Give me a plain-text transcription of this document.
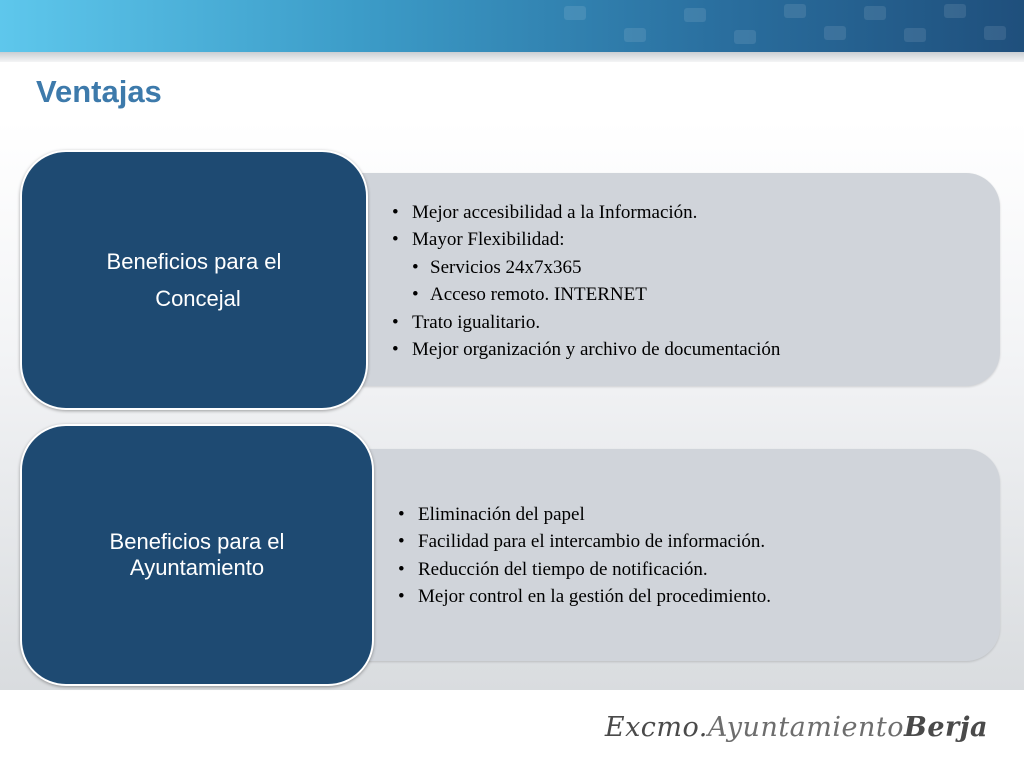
Ventajas
Beneficios para el
Concejal
Beneficios para el
Ayuntamiento
• Mejor accesibilidad a la Información.
• Mayor Flexibilidad:
• Servicios 24x7x365
• Acceso remoto. INTERNET
• Trato igualitario.
• Mejor organización y archivo de documentación
• Eliminación del papel
• Facilidad para el intercambio de información.
• Reducción del tiempo de notificación.
• Mejor control en la gestión del procedimiento.
Excmo.AyuntamientoBerja
